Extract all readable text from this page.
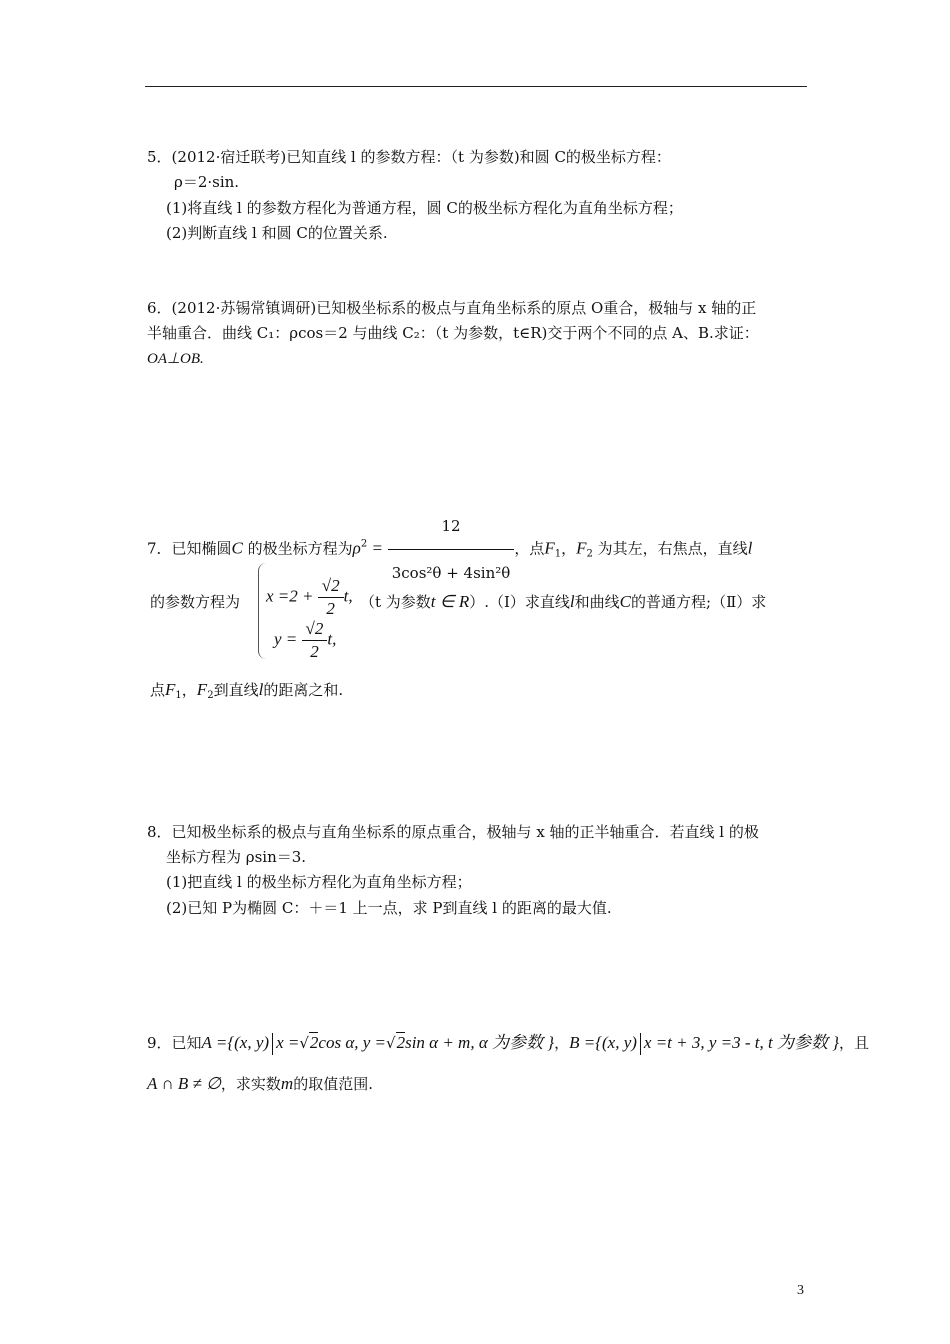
5．(2012·宿迁联考)已知直线 l 的参数方程：（t 为参数)和圆 C的极坐标方程：
ρ＝2·sin.
(1)将直线 l 的参数方程化为普通方程，圆 C的极坐标方程化为直角坐标方程；
(2)判断直线 l 和圆 C的位置关系.
6．(2012·苏锡常镇调研)已知极坐标系的极点与直角坐标系的原点 O重合，极轴与 x 轴的正
半轴重合．曲线 C₁：ρcos＝2 与曲线 C₂：（t 为参数，t∈R)交于两个不同的点 A、B.求证：
OA⊥OB.
7．已知椭圆C 的极坐标方程为$\rho^2 = \frac{12}{\text{3cos²θ + 4sin²θ}}$ ，点$F_1$，$F_2$ 为其左，右焦点，直线l
的参数方程为 $x =2 + \frac{√2}{2} t$,
$y = \frac{√2}{2} t$,
（t 为参数t ∈ R）.（Ⅰ）求直线l和曲线C的普通方程;（Ⅱ）求
点$F_1$，$F_2$到直线l的距离之和.
8．已知极坐标系的极点与直角坐标系的原点重合，极轴与 x 轴的正半轴重合．若直线 l 的极
坐标方程为 ρsin＝3.
(1)把直线 l 的极坐标方程化为直角坐标方程；
(2)已知 P为椭圆 C：＋＝1 上一点，求 P到直线 l 的距离的最大值.
9．已知A ={(x, y) x =√2cos α, y =√2sin α + m, α 为参数 }，B ={(x, y) x =t + 3, y =3 - t, t 为参数 }，且
A ∩ B ≠ ∅，求实数m的取值范围.
3
